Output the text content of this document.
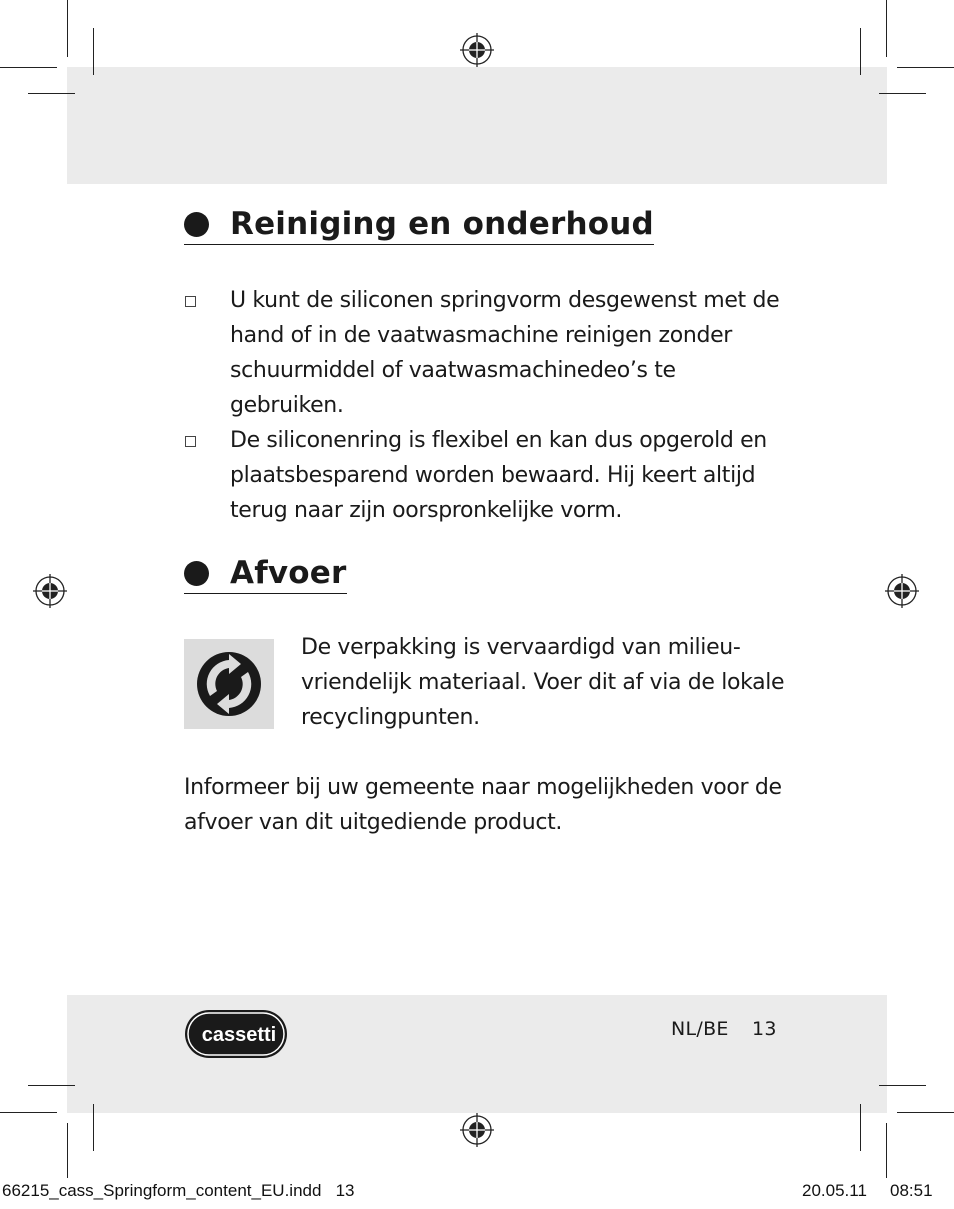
Reiniging en onderhoud
U kunt de siliconen springvorm desgewenst met de hand of in de vaatwasmachine reinigen zonder schuurmiddel of vaatwasmachinedeo’s te gebruiken.
De siliconenring is flexibel en kan dus opgerold en plaatsbesparend worden bewaard. Hij keert altijd terug naar zijn oorspronkelijke vorm.
Afvoer
De verpakking is vervaardigd van milieu-vriendelijk materiaal. Voer dit af via de lokale recyclingpunten.
Informeer bij uw gemeente naar mogelijkheden voor de afvoer van dit uitgediende product.
cassetti	NL/BE 13
66215_cass_Springform_content_EU.indd   13	20.05.11 08:51
